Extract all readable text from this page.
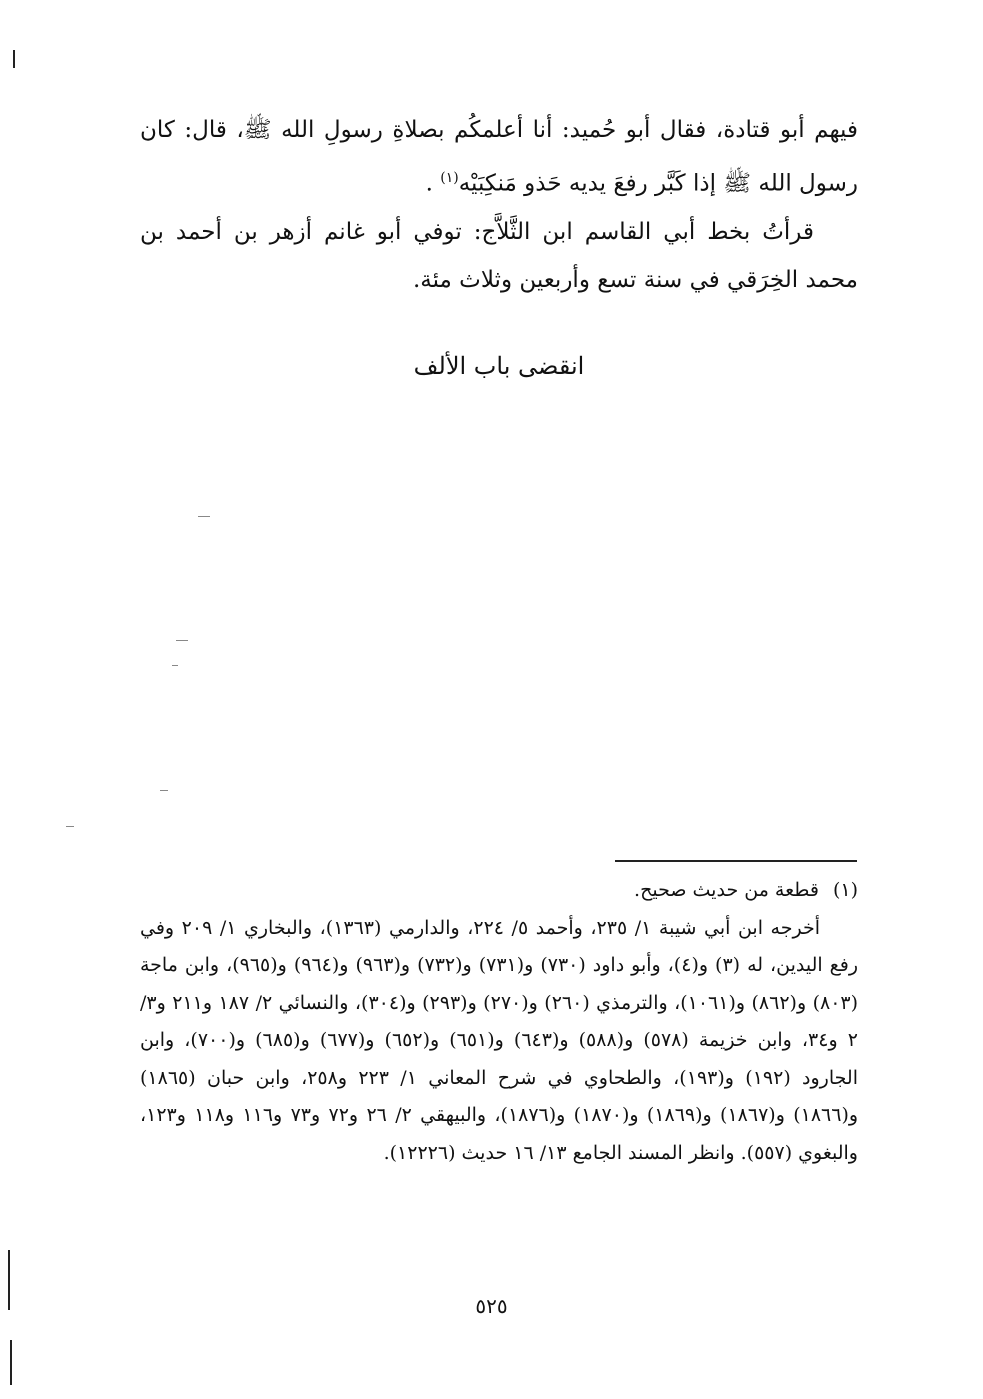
فيهم أبو قتادة، فقال أبو حُميد: أنا أعلمكُم بصلاةِ رسولِ الله ﷺ، قال: كان رسول الله ﷺ إذا كَبَّر رفعَ يديه حَذو مَنكِبَيْه$^{(١)}$ .

قرأتُ بخط أبي القاسم ابن الثَّلاَّج: توفي أبو غانم أزهر بن أحمد بن محمد الخِرَقي في سنة تسع وأربعين وثلاث مئة.

انقضى باب الألف
(١)
قطعة من حديث صحيح.

أخرجه ابن أبي شيبة ١/ ٢٣٥، وأحمد ٥/ ٢٢٤، والدارمي (١٣٦٣)، والبخاري ١/ ٢٠٩ وفي رفع اليدين، له (٣) و(٤)، وأبو داود (٧٣٠) و(٧٣١) و(٧٣٢) و(٩٦٣) و(٩٦٤) و(٩٦٥)، وابن ماجة (٨٠٣) و(٨٦٢) و(١٠٦١)، والترمذي (٢٦٠) و(٢٧٠) و(٢٩٣) و(٣٠٤)، والنسائي ٢/ ١٨٧ و٢١١ و٣/ ٢ و٣٤، وابن خزيمة (٥٧٨) و(٥٨٨) و(٦٤٣) و(٦٥١) و(٦٥٢) و(٦٧٧) و(٦٨٥) و(٧٠٠)، وابن الجارود (١٩٢) و(١٩٣)، والطحاوي في شرح المعاني ١/ ٢٢٣ و٢٥٨، وابن حبان (١٨٦٥) و(١٨٦٦) و(١٨٦٧) و(١٨٦٩) و(١٨٧٠) و(١٨٧٦)، والبيهقي ٢/ ٢٦ و٧٢ و٧٣ و١١٦ و١١٨ و١٢٣، والبغوي (٥٥٧). وانظر المسند الجامع ١٣/ ١٦ حديث (١٢٢٢٦).

٥٢٥
